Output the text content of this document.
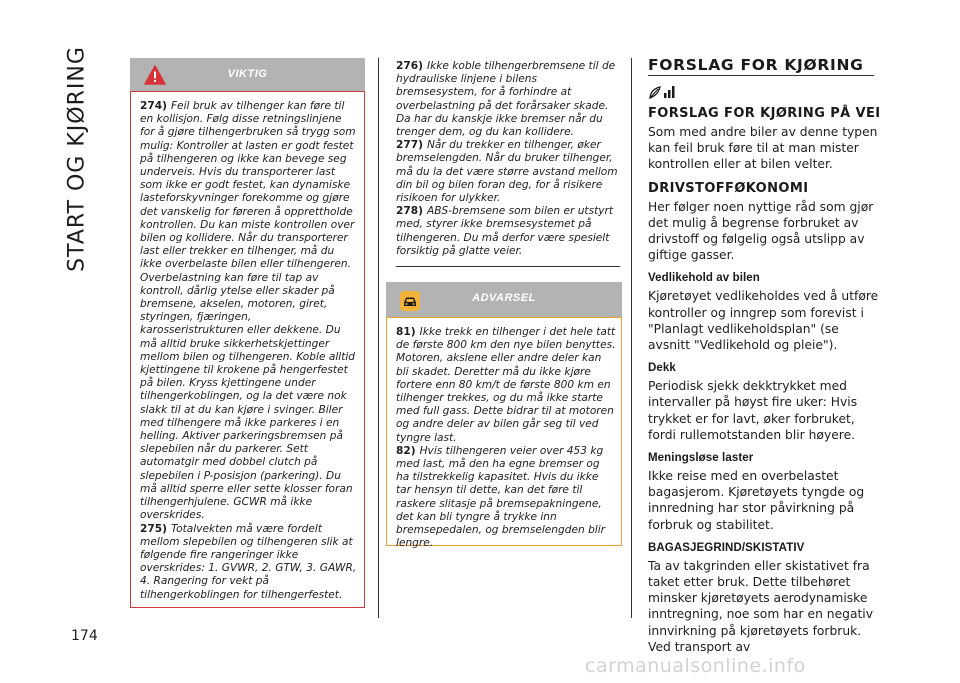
START OG KJØRING
174
VIKTIG

274) Feil bruk av tilhenger kan føre til en kollisjon. Følg disse retningslinjene for å gjøre tilhengerbruken så trygg som mulig: Kontroller at lasten er godt festet på tilhengeren og ikke kan bevege seg underveis. Hvis du transporterer last som ikke er godt festet, kan dynamiske lasteforskyvninger forekomme og gjøre det vanskelig for føreren å opprettholde kontrollen. Du kan miste kontrollen over bilen og kollidere. Når du transporterer last eller trekker en tilhenger, må du ikke overbelaste bilen eller tilhengeren. Overbelastning kan føre til tap av kontroll, dårlig ytelse eller skader på bremsene, akselen, motoren, giret, styringen, fjæringen, karosseristrukturen eller dekkene. Du må alltid bruke sikkerhetskjettinger mellom bilen og tilhengeren. Koble alltid kjettingene til krokene på hengerfestet på bilen. Kryss kjettingene under tilhengerkoblingen, og la det være nok slakk til at du kan kjøre i svinger. Biler med tilhengere må ikke parkeres i en helling. Aktiver parkeringsbremsen på slepebilen når du parkerer. Sett automatgir med dobbel clutch på slepebilen i P-posisjon (parkering). Du må alltid sperre eller sette klosser foran tilhengerhjulene. GCWR må ikke overskrides.

275) Totalvekten må være fordelt mellom slepebilen og tilhengeren slik at følgende fire rangeringer ikke overskrides: 1. GVWR, 2. GTW, 3. GAWR, 4. Rangering for vekt på tilhengerkoblingen for tilhengerfestet.

276) Ikke koble tilhengerbremsene til de hydrauliske linjene i bilens bremsesystem, for å forhindre at overbelastning på det forårsaker skade. Da har du kanskje ikke bremser når du trenger dem, og du kan kollidere.

277) Når du trekker en tilhenger, øker bremselengden. Når du bruker tilhenger, må du la det være større avstand mellom din bil og bilen foran deg, for å risikere risikoen for ulykker.

278) ABS-bremsene som bilen er utstyrt med, styrer ikke bremsesystemet på tilhengeren. Du må derfor være spesielt forsiktig på glatte veier.

ADVARSEL

81) Ikke trekk en tilhenger i det hele tatt de første 800 km den nye bilen benyttes. Motoren, akslene eller andre deler kan bli skadet. Deretter må du ikke kjøre fortere enn 80 km/t de første 800 km en tilhenger trekkes, og du må ikke starte med full gass. Dette bidrar til at motoren og andre deler av bilen går seg til ved tyngre last.

82) Hvis tilhengeren veier over 453 kg med last, må den ha egne bremser og ha tilstrekkelig kapasitet. Hvis du ikke tar hensyn til dette, kan det føre til raskere slitasje på bremsepakningene, det kan bli tyngre å trykke inn bremsepedalen, og bremselengden blir lengre.

FORSLAG FOR KJØRING
FORSLAG FOR KJØRING PÅ VEI

Som med andre biler av denne typen kan feil bruk føre til at man mister kontrollen eller at bilen velter.

DRIVSTOFFØKONOMI

Her følger noen nyttige råd som gjør det mulig å begrense forbruket av drivstoff og følgelig også utslipp av giftige gasser.

Vedlikehold av bilen

Kjøretøyet vedlikeholdes ved å utføre kontroller og inngrep som forevist i "Planlagt vedlikeholdsplan" (se avsnitt "Vedlikehold og pleie").

Dekk

Periodisk sjekk dekktrykket med intervaller på høyst fire uker: Hvis trykket er for lavt, øker forbruket, fordi rullemotstanden blir høyere.

Meningsløse laster

Ikke reise med en overbelastet bagasjerom. Kjøretøyets tyngde og innredning har stor påvirkning på forbruk og stabilitet.

BAGASJEGRIND/SKISTATIV

Ta av takgrinden eller skistativet fra taket etter bruk. Dette tilbehøret minsker kjøretøyets aerodynamiske inntregning, noe som har en negativ innvirkning på kjøretøyets forbruk. Ved transport av

carmanualsonline.info
